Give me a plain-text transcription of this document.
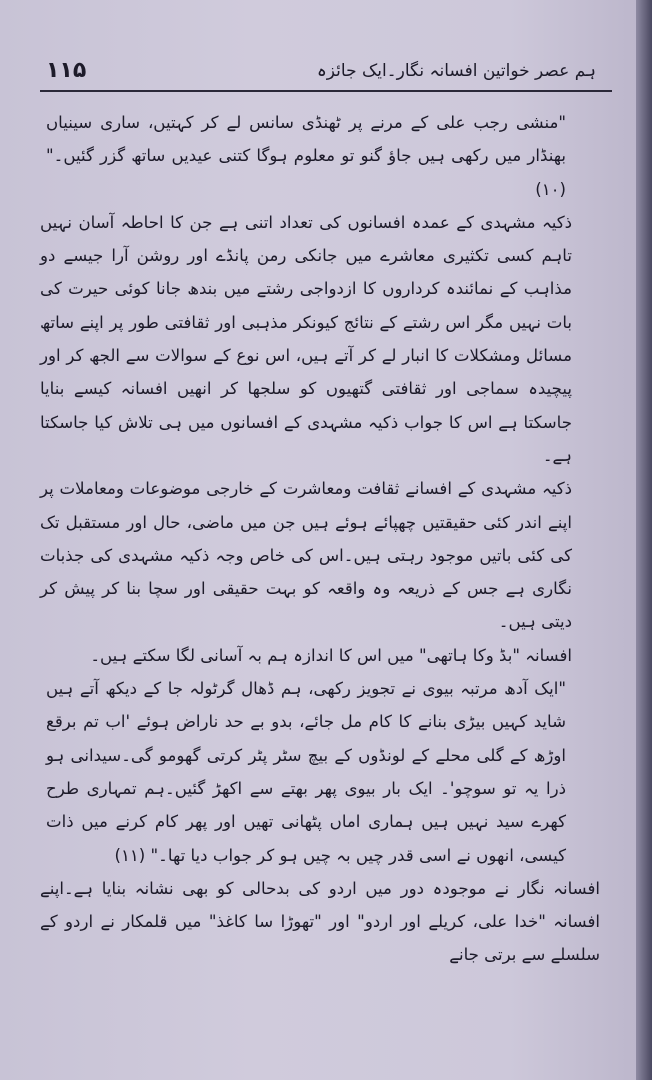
۱۱۵	ہم عصر خواتین افسانہ نگار۔ایک جائزہ

"منشی رجب علی کے مرنے پر ٹھنڈی سانس لے کر کہتیں، ساری سینیاں بھنڈار میں رکھی ہیں جاؤ گنو تو معلوم ہوگا کتنی عیدیں ساتھ گزر گئیں۔" (۱۰)

ذکیہ مشہدی کے عمدہ افسانوں کی تعداد اتنی ہے جن کا احاطہ آسان نہیں تاہم کسی تکثیری معاشرے میں جانکی رمن پانڈے اور روشن آرا جیسے دو مذاہب کے نمائندہ کرداروں کا ازدواجی رشتے میں بندھ جانا کوئی حیرت کی بات نہیں مگر اس رشتے کے نتائج کیونکر مذہبی اور ثقافتی طور پر اپنے ساتھ مسائل ومشکلات کا انبار لے کر آتے ہیں، اس نوع کے سوالات سے الجھ کر اور پیچیدہ سماجی اور ثقافتی گتھیوں کو سلجھا کر انھیں افسانہ کیسے بنایا جاسکتا ہے اس کا جواب ذکیہ مشہدی کے افسانوں میں ہی تلاش کیا جاسکتا ہے۔

ذکیہ مشہدی کے افسانے ثقافت ومعاشرت کے خارجی موضوعات ومعاملات پر اپنے اندر کئی حقیقتیں چھپائے ہوئے ہیں جن میں ماضی، حال اور مستقبل تک کی کئی باتیں موجود رہتی ہیں۔اس کی خاص وجہ ذکیہ مشہدی کی جذبات نگاری ہے جس کے ذریعہ وہ واقعہ کو بہت حقیقی اور سچا بنا کر پیش کر دیتی ہیں۔

افسانہ "بڈ وکا ہاتھی" میں اس کا اندازہ ہم بہ آسانی لگا سکتے ہیں۔

"ایک آدھ مرتبہ بیوی نے تجویز رکھی، ہم ڈھال گرٹولہ جا کے دیکھ آتے ہیں شاید کہیں بیڑی بنانے کا کام مل جائے، بدو بے حد ناراض ہوئے 'اب تم برقع اوڑھ کے گلی محلے کے لونڈوں کے بیچ سٹر پٹر کرتی گھومو گی۔سیدانی ہو ذرا یہ تو سوچو'۔ ایک بار بیوی پھر بھتے سے اکھڑ گئیں۔ہم تمہاری طرح کھرے سید نہیں ہیں ہماری اماں پٹھانی تھیں اور پھر کام کرنے میں ذات کیسی، انھوں نے اسی قدر چیں بہ چیں ہو کر جواب دیا تھا۔" (۱۱)

افسانہ نگار نے موجودہ دور میں اردو کی بدحالی کو بھی نشانہ بنایا ہے۔اپنے افسانہ "خدا علی، کریلے اور اردو" اور "تھوڑا سا کاغذ" میں قلمکار نے اردو کے سلسلے سے برتی جانے
